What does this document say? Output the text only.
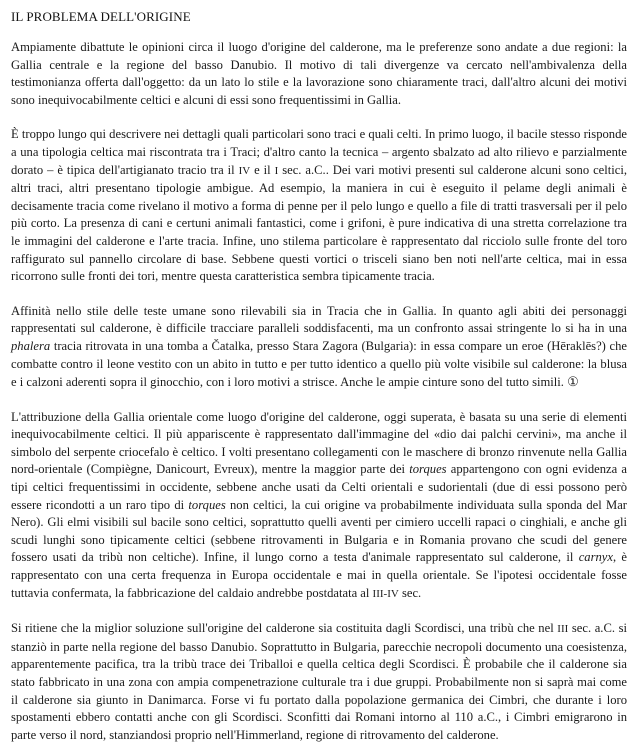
IL PROBLEMA DELL'ORIGINE

Ampiamente dibattute le opinioni circa il luogo d'origine del calderone, ma le preferenze sono andate a due regioni: la Gallia centrale e la regione del basso Danubio. Il motivo di tali divergenze va cercato nell'ambivalenza della testimonianza offerta dall'oggetto: da un lato lo stile e la lavorazione sono chiaramente traci, dall'altro alcuni dei motivi sono inequivocabilmente celtici e alcuni di essi sono frequentissimi in Gallia.

È troppo lungo qui descrivere nei dettagli quali particolari sono traci e quali celti. In primo luogo, il bacile stesso risponde a una tipologia celtica mai riscontrata tra i Traci; d'altro canto la tecnica – argento sbalzato ad alto rilievo e parzialmente dorato – è tipica dell'artigianato tracio tra il IV e il I sec. a.C.. Dei vari motivi presenti sul calderone alcuni sono celtici, altri traci, altri presentano tipologie ambigue. Ad esempio, la maniera in cui è eseguito il pelame degli animali è decisamente tracia come rivelano il motivo a forma di penne per il pelo lungo e quello a file di tratti trasversali per il pelo più corto. La presenza di cani e certuni animali fantastici, come i grifoni, è pure indicativa di una stretta correlazione tra le immagini del calderone e l'arte tracia. Infine, uno stilema particolare è rappresentato dal ricciolo sulle fronte del toro raffigurato sul pannello circolare di base. Sebbene questi vortici o trisceli siano ben noti nell'arte celtica, mai in essa ricorrono sulle fronti dei tori, mentre questa caratteristica sembra tipicamente tracia.

Affinità nello stile delle teste umane sono rilevabili sia in Tracia che in Gallia. In quanto agli abiti dei personaggi rappresentati sul calderone, è difficile tracciare paralleli soddisfacenti, ma un confronto assai stringente lo si ha in una phalera tracia ritrovata in una tomba a Čatalka, presso Stara Zagora (Bulgaria): in essa compare un eroe (Hēraklēs?) che combatte contro il leone vestito con un abito in tutto e per tutto identico a quello più volte visibile sul calderone: la blusa e i calzoni aderenti sopra il ginocchio, con i loro motivi a strisce. Anche le ampie cinture sono del tutto simili. ①

L'attribuzione della Gallia orientale come luogo d'origine del calderone, oggi superata, è basata su una serie di elementi inequivocabilmente celtici. Il più appariscente è rappresentato dall'immagine del «dio dai palchi cervini», ma anche il simbolo del serpente criocefalo è celtico. I volti presentano collegamenti con le maschere di bronzo rinvenute nella Gallia nord-orientale (Compiègne, Danicourt, Evreux), mentre la maggior parte dei torques appartengono con ogni evidenza a tipi celtici frequentissimi in occidente, sebbene anche usati da Celti orientali e sudorientali (due di essi possono però essere ricondotti a un raro tipo di torques non celtici, la cui origine va probabilmente individuata sulla sponda del Mar Nero). Gli elmi visibili sul bacile sono celtici, soprattutto quelli aventi per cimiero uccelli rapaci o cinghiali, e anche gli scudi lunghi sono tipicamente celtici (sebbene ritrovamenti in Bulgaria e in Romania provano che scudi del genere fossero usati da tribù non celtiche). Infine, il lungo corno a testa d'animale rappresentato sul calderone, il carnyx, è rappresentato con una certa frequenza in Europa occidentale e mai in quella orientale. Se l'ipotesi occidentale fosse tuttavia confermata, la fabbricazione del caldaio andrebbe postdatata al III-IV sec.

Si ritiene che la miglior soluzione sull'origine del calderone sia costituita dagli Scordisci, una tribù che nel III sec. a.C. si stanziò in parte nella regione del basso Danubio. Soprattutto in Bulgaria, parecchie necropoli documento una coesistenza, apparentemente pacifica, tra la tribù trace dei Triballoi e quella celtica degli Scordisci. È probabile che il calderone sia stato fabbricato in una zona con ampia compenetrazione culturale tra i due gruppi. Probabilmente non si saprà mai come il calderone sia giunto in Danimarca. Forse vi fu portato dalla popolazione germanica dei Cimbri, che durante i loro spostamenti ebbero contatti anche con gli Scordisci. Sconfitti dai Romani intorno al 110 a.C., i Cimbri emigrarono in parte verso il nord, stanziandosi proprio nell'Himmerland, regione di ritrovamento del calderone.
